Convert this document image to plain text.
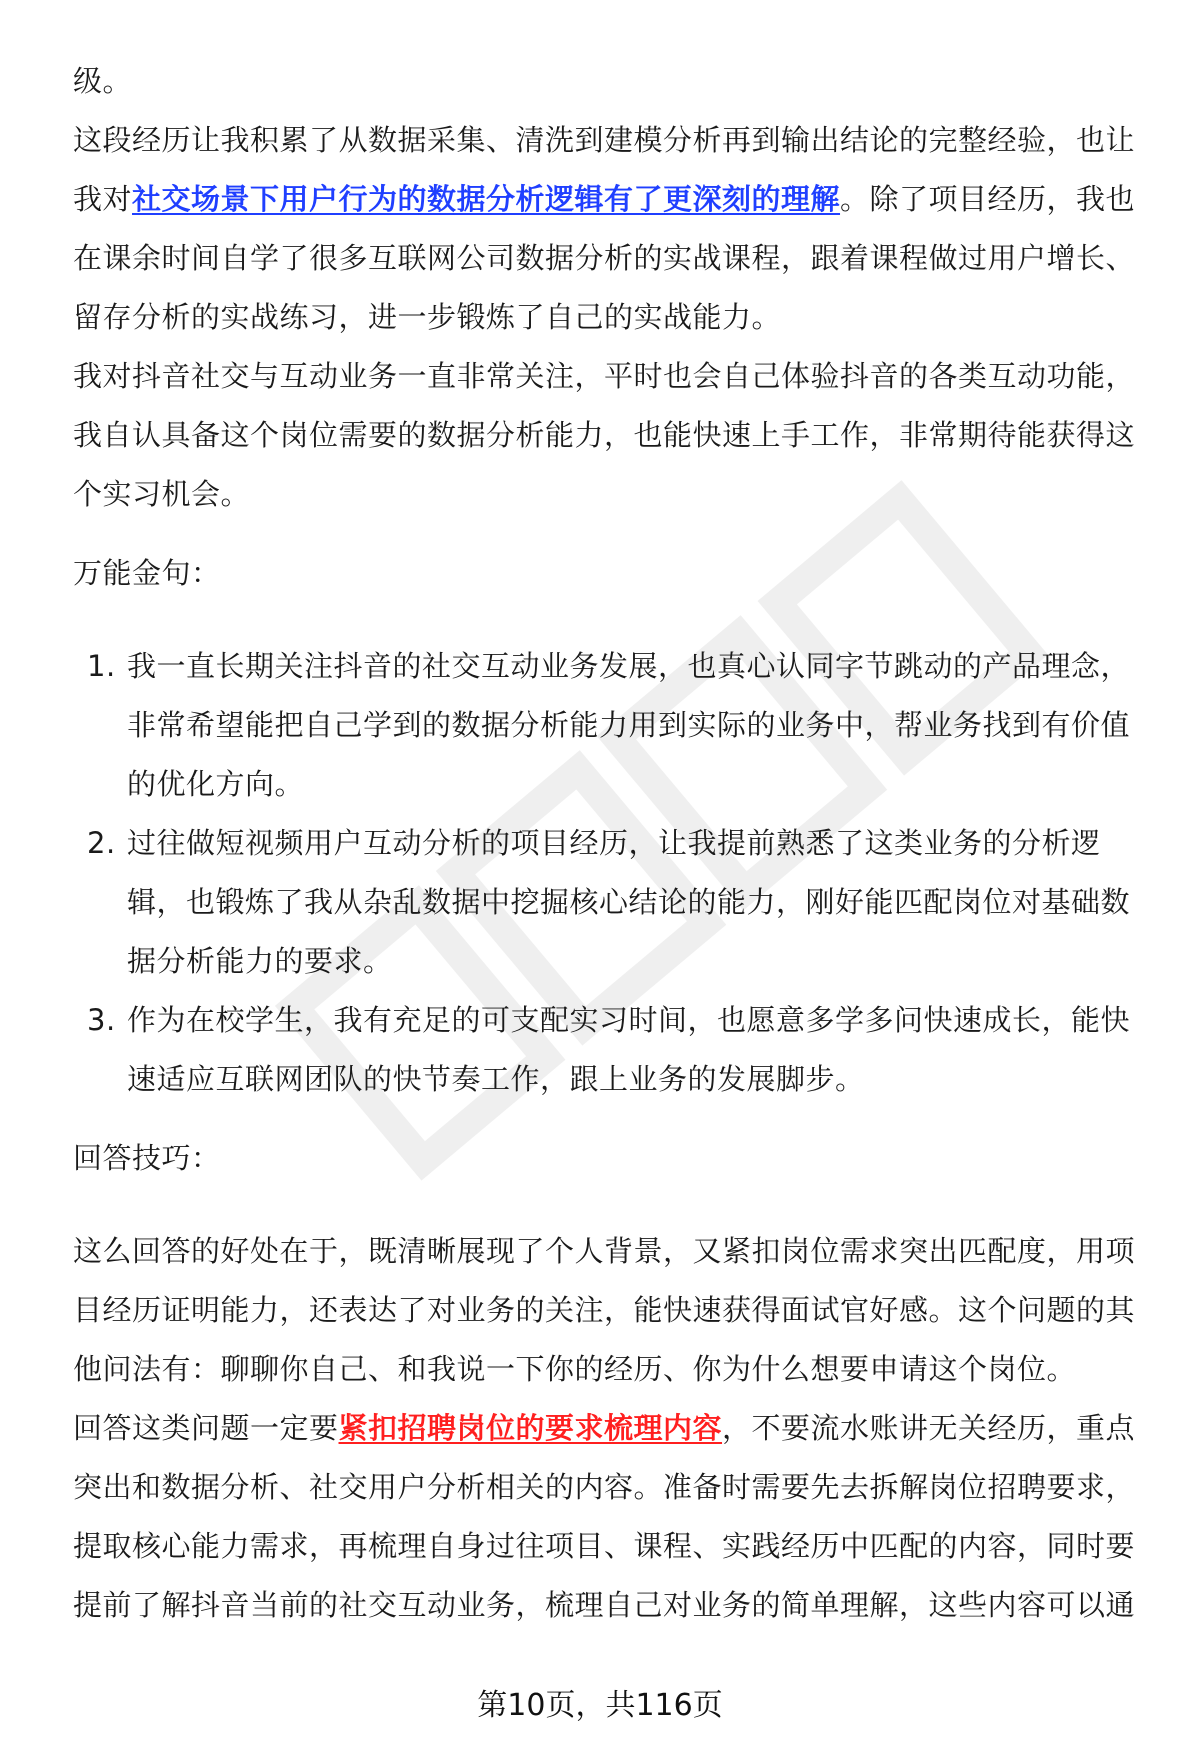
级。

这段经历让我积累了从数据采集、清洗到建模分析再到输出结论的完整经验，也让我对社交场景下用户行为的数据分析逻辑有了更深刻的理解。除了项目经历，我也在课余时间自学了很多互联网公司数据分析的实战课程，跟着课程做过用户增长、留存分析的实战练习，进一步锻炼了自己的实战能力。

我对抖音社交与互动业务一直非常关注，平时也会自己体验抖音的各类互动功能，我自认具备这个岗位需要的数据分析能力，也能快速上手工作，非常期待能获得这个实习机会。

万能金句：

1. 我一直长期关注抖音的社交互动业务发展，也真心认同字节跳动的产品理念，非常希望能把自己学到的数据分析能力用到实际的业务中，帮业务找到有价值的优化方向。
2. 过往做短视频用户互动分析的项目经历，让我提前熟悉了这类业务的分析逻辑，也锻炼了我从杂乱数据中挖掘核心结论的能力，刚好能匹配岗位对基础数据分析能力的要求。
3. 作为在校学生，我有充足的可支配实习时间，也愿意多学多问快速成长，能快速适应互联网团队的快节奏工作，跟上业务的发展脚步。

回答技巧：

这么回答的好处在于，既清晰展现了个人背景，又紧扣岗位需求突出匹配度，用项目经历证明能力，还表达了对业务的关注，能快速获得面试官好感。这个问题的其他问法有：聊聊你自己、和我说一下你的经历、你为什么想要申请这个岗位。

回答这类问题一定要紧扣招聘岗位的要求梳理内容，不要流水账讲无关经历，重点突出和数据分析、社交用户分析相关的内容。准备时需要先去拆解岗位招聘要求，提取核心能力需求，再梳理自身过往项目、课程、实践经历中匹配的内容，同时要提前了解抖音当前的社交互动业务，梳理自己对业务的简单理解，这些内容可以通

第10页，共116页
